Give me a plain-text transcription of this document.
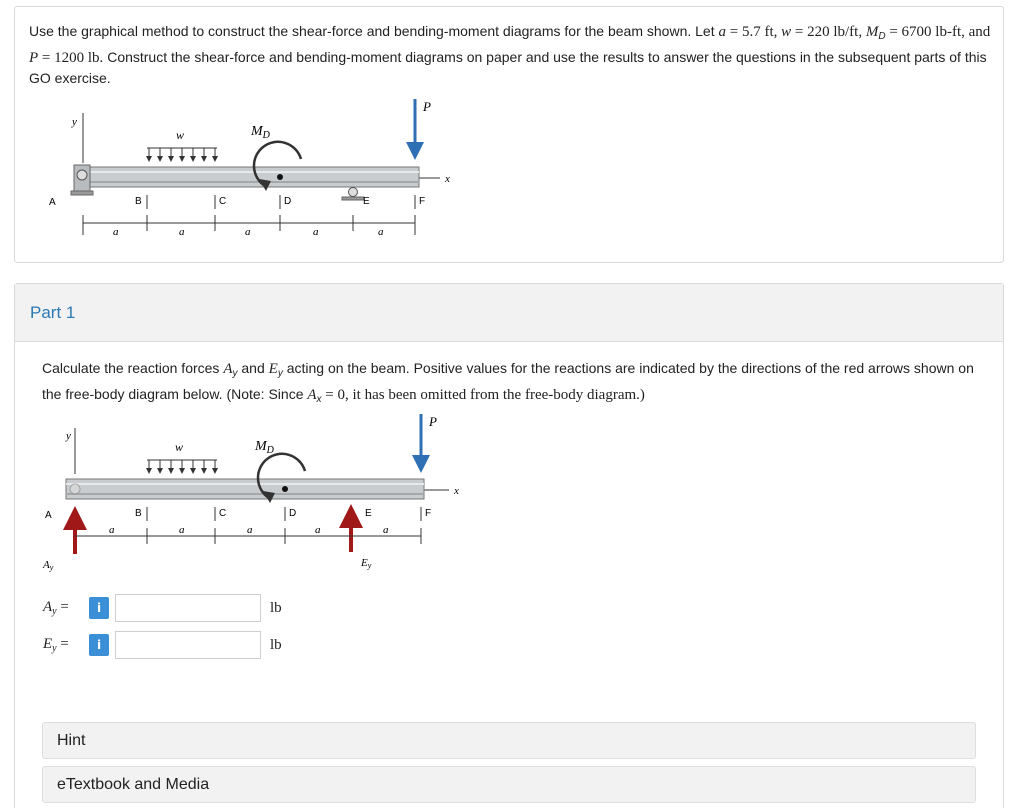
Use the graphical method to construct the shear-force and bending-moment diagrams for the beam shown. Let a = 5.7 ft, w = 220 lb/ft, $M_D = 6700$ lb-ft, and P = 1200 lb. Construct the shear-force and bending-moment diagrams on paper and use the results to answer the questions in the subsequent parts of this GO exercise.
y
x
w	$M_D$
P
A	B	C	D	E	F
a	a	a	a	a
Part 1
Calculate the reaction forces $A_y$ and $E_y$ acting on the beam. Positive values for the reactions are indicated by the directions of the red arrows shown on the free-body diagram below. (Note: Since $A_x = 0$, it has been omitted from the free-body diagram.)
y
x
w	$M_D$
P
Ay	Ey
A	B	C	D	E	F
a	a	a	a	a
$A_y$ =	i	lb
$E_y$ =	i	lb
Hint
eTextbook and Media
